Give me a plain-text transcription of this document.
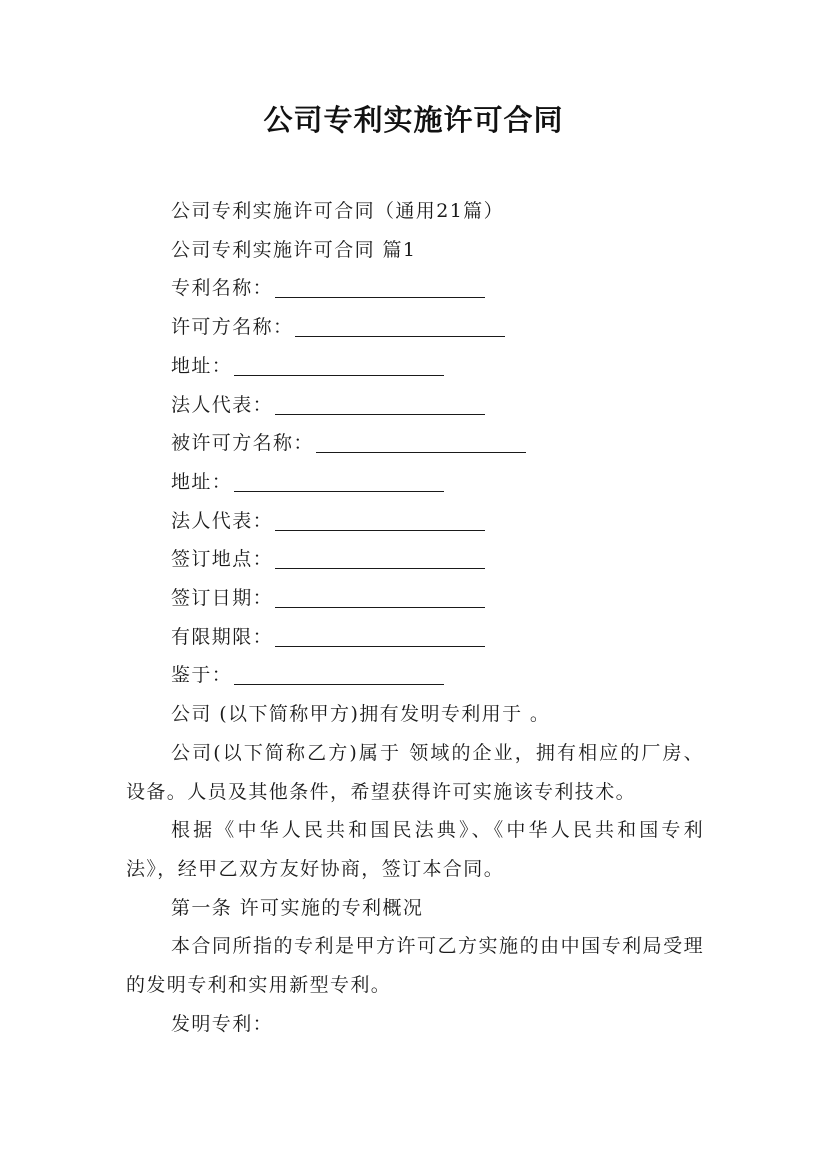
公司专利实施许可合同

公司专利实施许可合同（通用21篇）

公司专利实施许可合同 篇1

专利名称：

许可方名称：

地址：

法人代表：

被许可方名称：

地址：

法人代表：

签订地点：

签订日期：

有限期限：

鉴于：

公司 (以下简称甲方)拥有发明专利用于 。

公司(以下简称乙方)属于 领域的企业，拥有相应的厂房、设备。人员及其他条件，希望获得许可实施该专利技术。

根据《中华人民共和国民法典》、《中华人民共和国专利法》，经甲乙双方友好协商，签订本合同。

第一条 许可实施的专利概况

本合同所指的专利是甲方许可乙方实施的由中国专利局受理的发明专利和实用新型专利。

发明专利：
